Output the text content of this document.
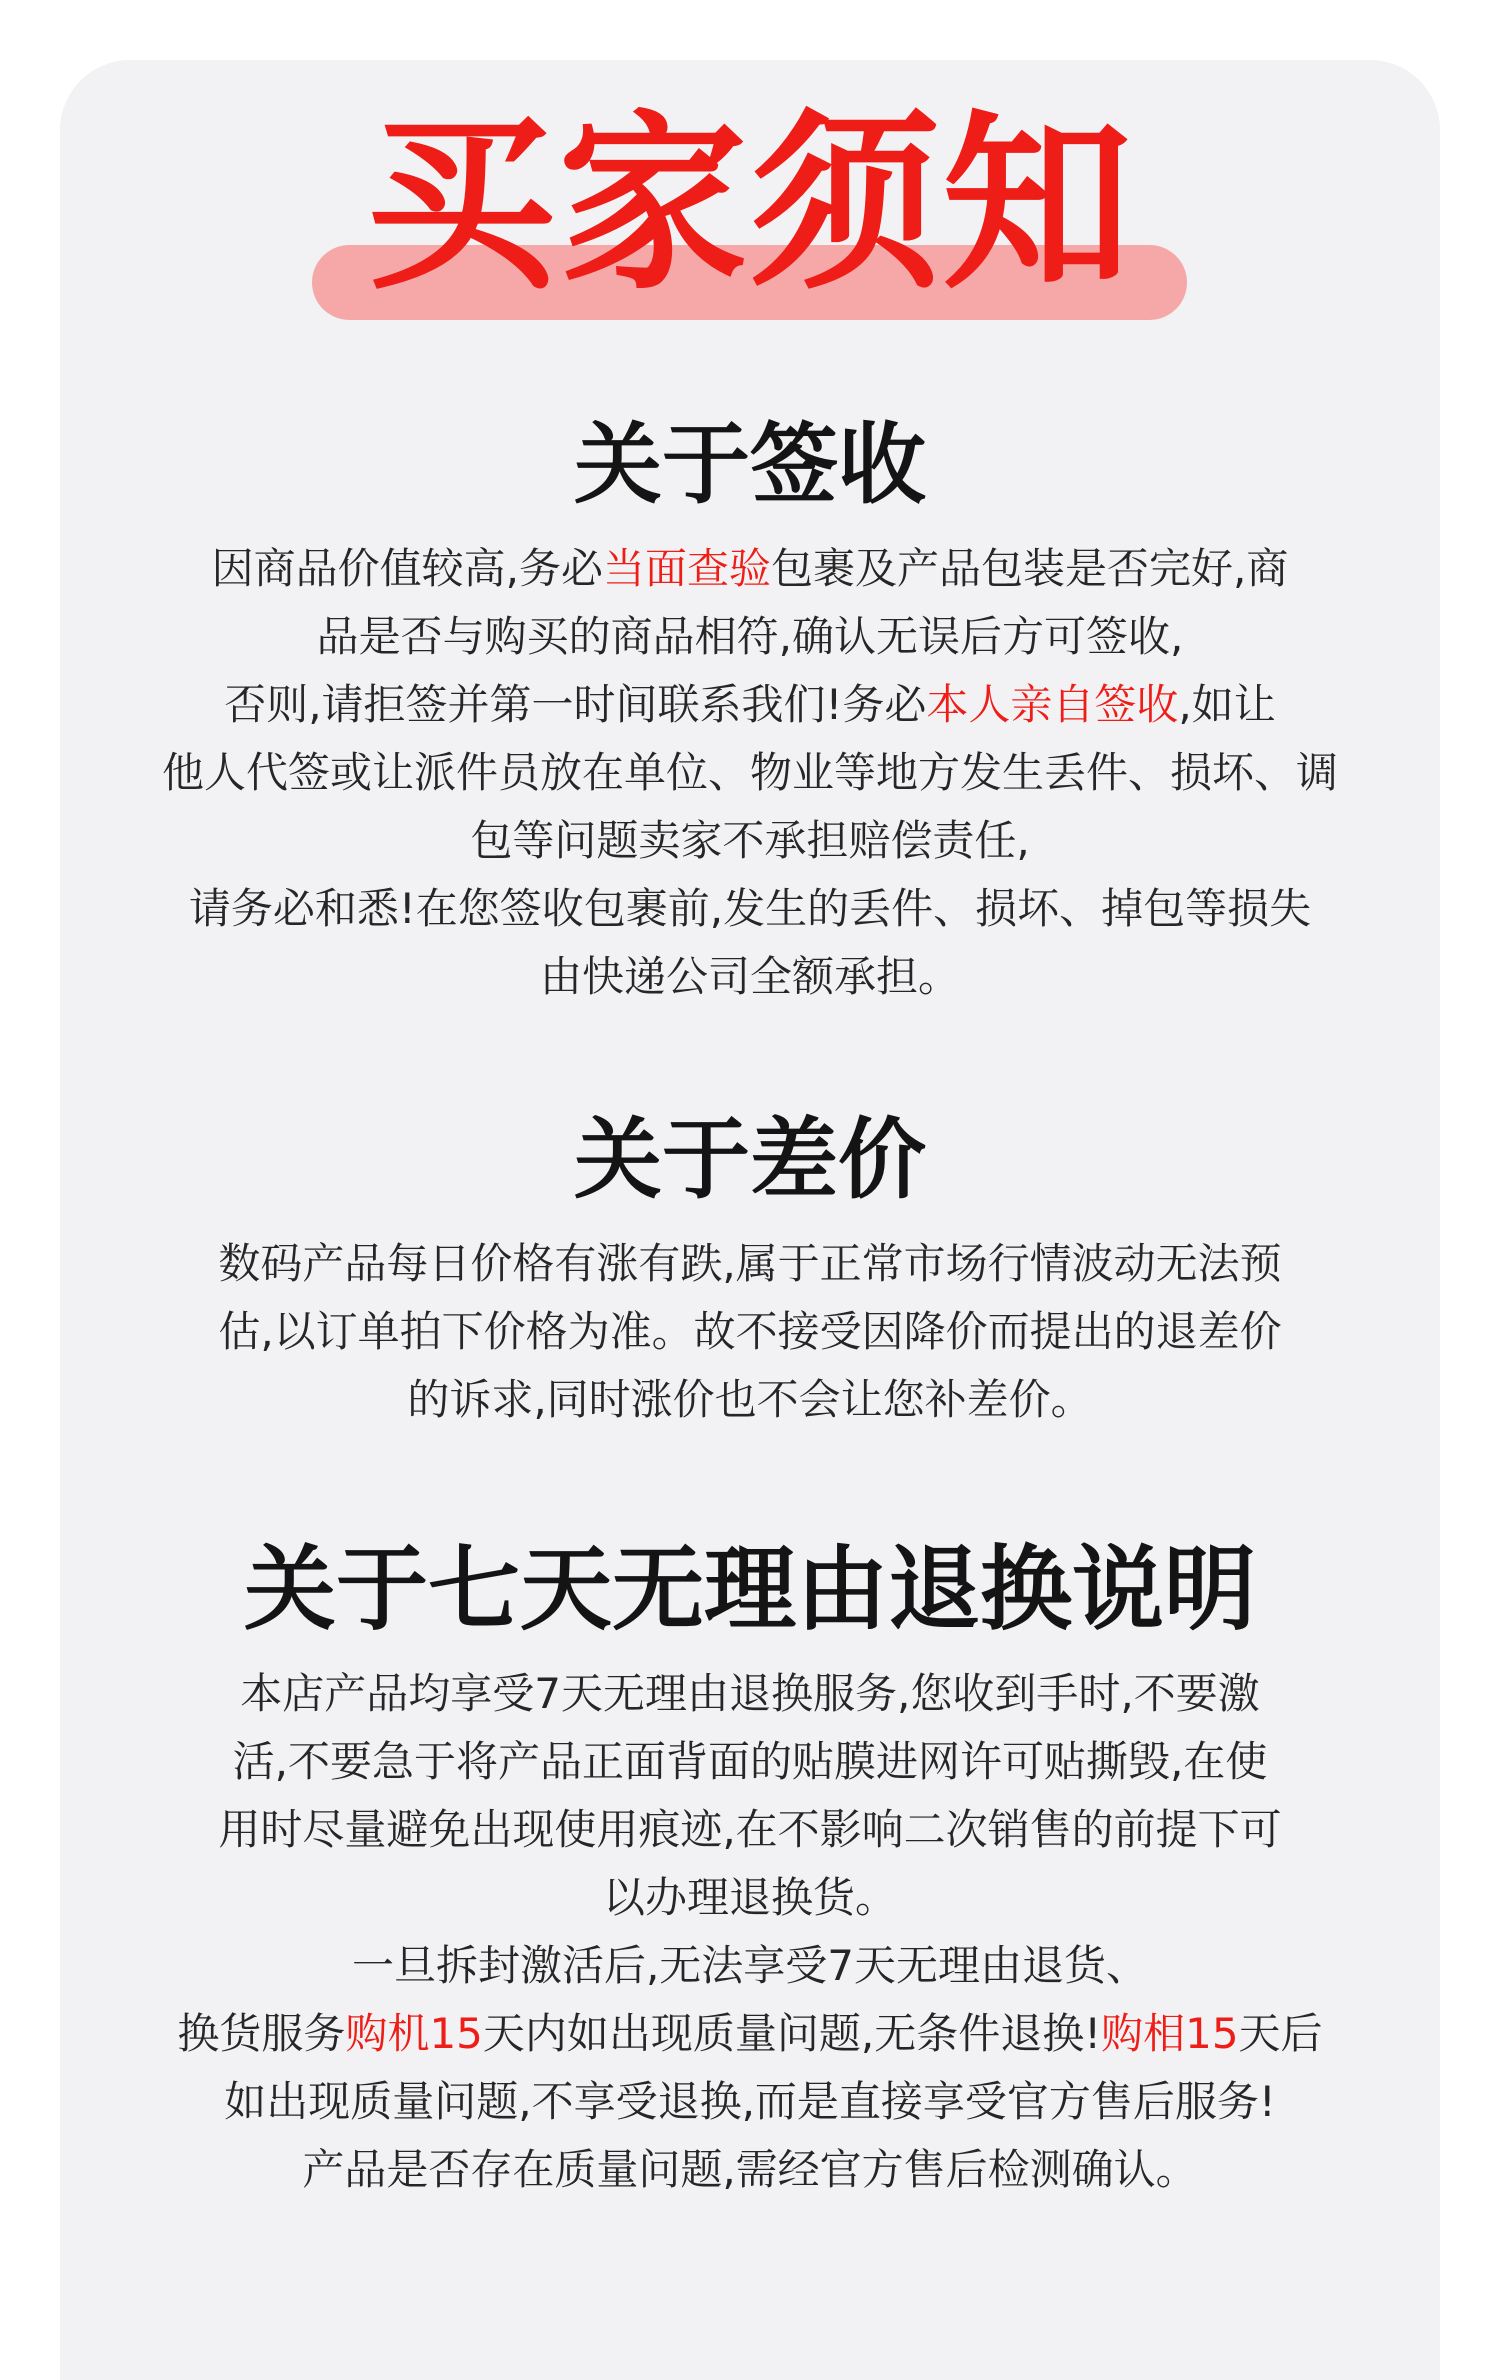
买家须知
关于签收

因商品价值较高,务必当面查验包裹及产品包装是否完好,商

品是否与购买的商品相符,确认无误后方可签收,

否则,请拒签并第一时间联系我们!务必本人亲自签收,如让

他人代签或让派件员放在单位、物业等地方发生丢件、损坏、调

包等问题卖家不承担赔偿责任,

请务必和悉!在您签收包裹前,发生的丢件、损坏、掉包等损失

由快递公司全额承担。

关于差价

数码产品每日价格有涨有跌,属于正常市场行情波动无法预

估,以订单拍下价格为准。故不接受因降价而提出的退差价

的诉求,同时涨价也不会让您补差价。

关于七天无理由退换说明

本店产品均享受7天无理由退换服务,您收到手时,不要激

活,不要急于将产品正面背面的贴膜进网许可贴撕毁,在使

用时尽量避免出现使用痕迹,在不影响二次销售的前提下可

以办理退换货。

一旦拆封激活后,无法享受7天无理由退货、

换货服务购机15天内如出现质量问题,无条件退换!购相15天后

如出现质量问题,不享受退换,而是直接享受官方售后服务!

产品是否存在质量问题,需经官方售后检测确认。
